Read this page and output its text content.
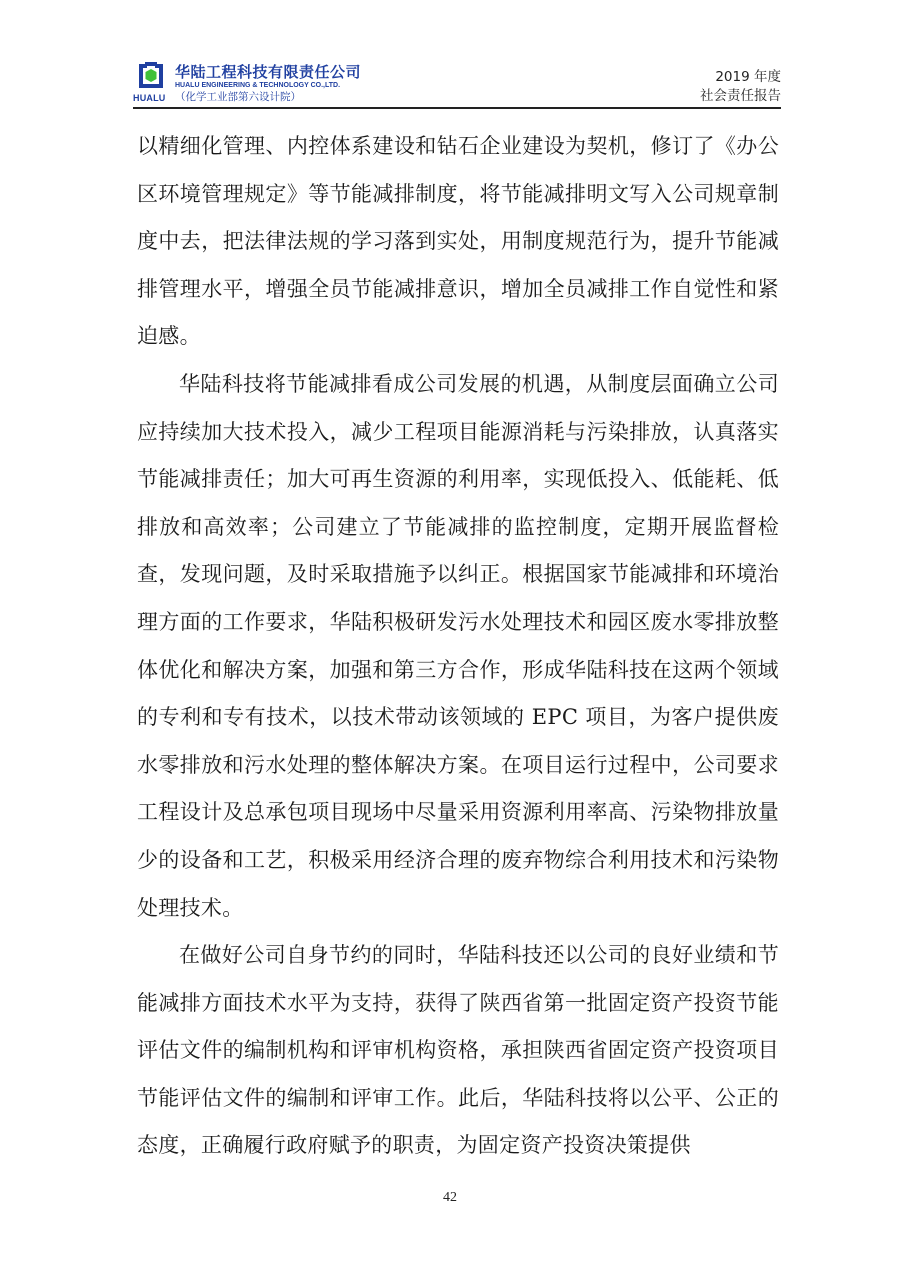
HUALU
华陆工程科技有限责任公司
HUALU ENGINEERING & TECHNOLOGY CO.,LTD.
（化学工业部第六设计院）
2019 年度
社会责任报告

以精细化管理、内控体系建设和钻石企业建设为契机，修订了《办公区环境管理规定》等节能减排制度，将节能减排明文写入公司规章制度中去，把法律法规的学习落到实处，用制度规范行为，提升节能减排管理水平，增强全员节能减排意识，增加全员减排工作自觉性和紧迫感。

华陆科技将节能减排看成公司发展的机遇，从制度层面确立公司应持续加大技术投入，减少工程项目能源消耗与污染排放，认真落实节能减排责任；加大可再生资源的利用率，实现低投入、低能耗、低排放和高效率；公司建立了节能减排的监控制度，定期开展监督检查，发现问题，及时采取措施予以纠正。根据国家节能减排和环境治理方面的工作要求，华陆积极研发污水处理技术和园区废水零排放整体优化和解决方案，加强和第三方合作，形成华陆科技在这两个领域的专利和专有技术，以技术带动该领域的 EPC 项目，为客户提供废水零排放和污水处理的整体解决方案。在项目运行过程中，公司要求工程设计及总承包项目现场中尽量采用资源利用率高、污染物排放量少的设备和工艺，积极采用经济合理的废弃物综合利用技术和污染物处理技术。

在做好公司自身节约的同时，华陆科技还以公司的良好业绩和节能减排方面技术水平为支持，获得了陕西省第一批固定资产投资节能评估文件的编制机构和评审机构资格，承担陕西省固定资产投资项目节能评估文件的编制和评审工作。此后，华陆科技将以公平、公正的态度，正确履行政府赋予的职责，为固定资产投资决策提供

42
